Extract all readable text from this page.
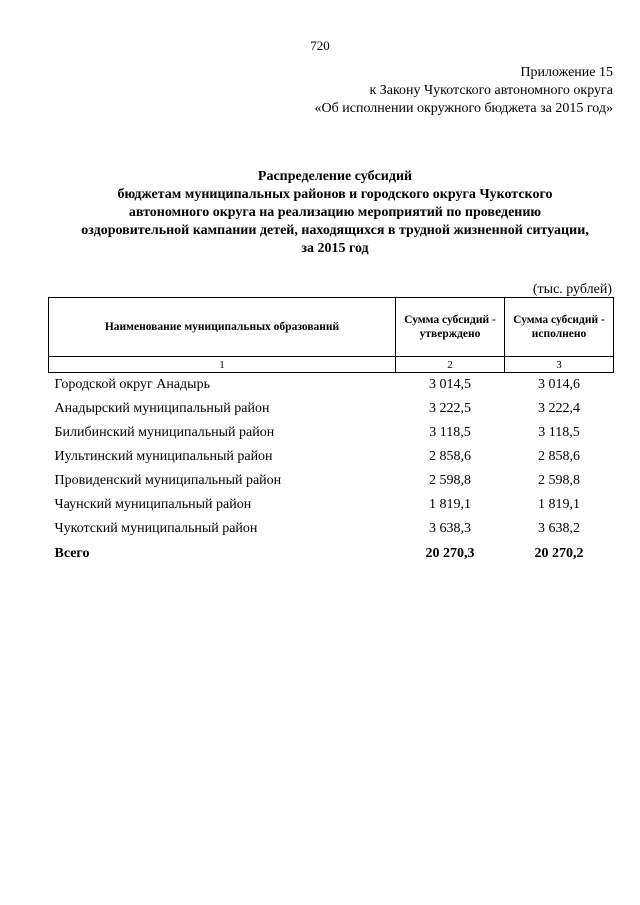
720
Приложение 15
к Закону Чукотского автономного округа
«Об исполнении окружного бюджета за 2015 год»
Распределение субсидий
бюджетам муниципальных районов и городского округа Чукотского
автономного округа на реализацию мероприятий по проведению
оздоровительной кампании детей, находящихся в трудной жизненной ситуации,
за 2015 год
(тыс. рублей)
Наименование муниципальных образований	Сумма субсидий - утверждено	Сумма субсидий - исполнено
1	2	3
Городской округ Анадырь	3 014,5	3 014,6
Анадырский муниципальный район	3 222,5	3 222,4
Билибинский муниципальный район	3 118,5	3 118,5
Иультинский муниципальный район	2 858,6	2 858,6
Провиденский муниципальный район	2 598,8	2 598,8
Чаунский муниципальный район	1 819,1	1 819,1
Чукотский муниципальный район	3 638,3	3 638,2
Всего	20 270,3	20 270,2
